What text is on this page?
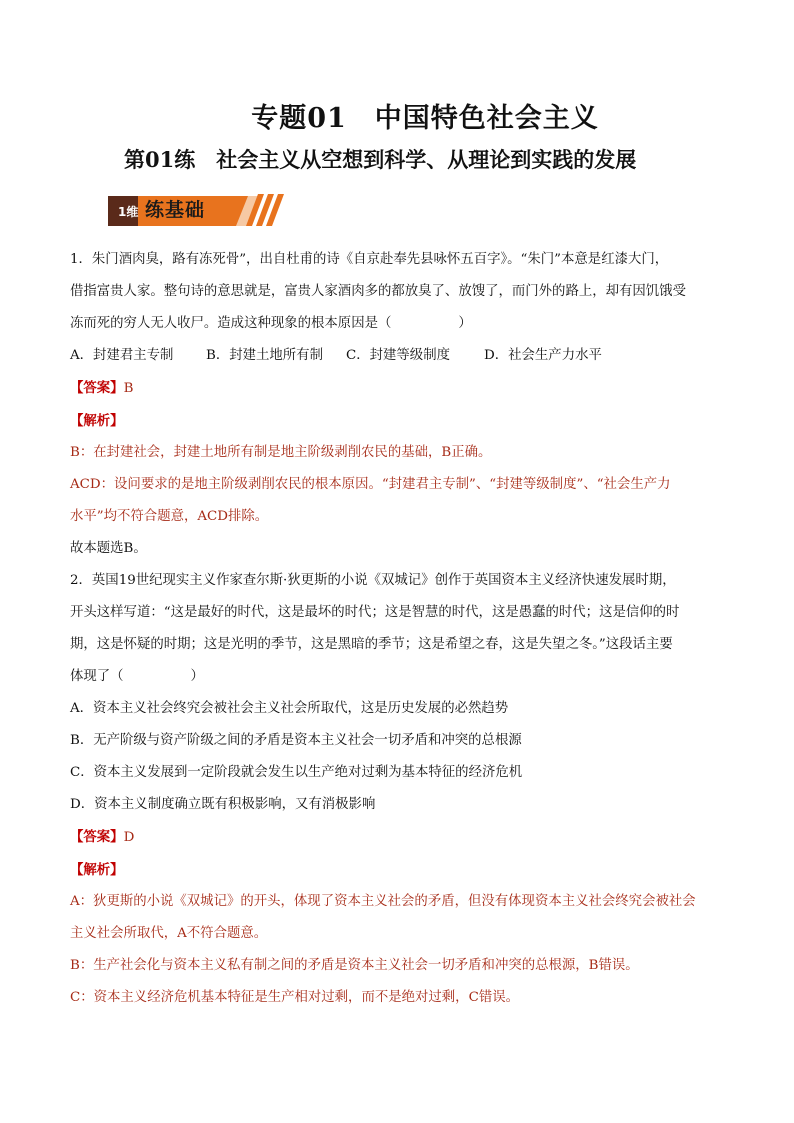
专题01　中国特色社会主义
第01练　社会主义从空想到科学、从理论到实践的发展
1维 练基础

1．朱门酒肉臭，路有冻死骨”，出自杜甫的诗《自京赴奉先县咏怀五百字》。“朱门”本意是红漆大门，

借指富贵人家。整句诗的意思就是，富贵人家酒肉多的都放臭了、放馊了，而门外的路上，却有因饥饿受

冻而死的穷人无人收尸。造成这种现象的根本原因是（　　　　　）

A．封建君主专制 B．封建土地所有制 C．封建等级制度	D．社会生产力水平

【答案】B

【解析】

B：在封建社会，封建土地所有制是地主阶级剥削农民的基础，B正确。

ACD：设问要求的是地主阶级剥削农民的根本原因。“封建君主专制”、“封建等级制度”、“社会生产力

水平”均不符合题意，ACD排除。

故本题选B。

2．英国19世纪现实主义作家查尔斯·狄更斯的小说《双城记》创作于英国资本主义经济快速发展时期，

开头这样写道：“这是最好的时代，这是最坏的时代；这是智慧的时代，这是愚蠢的时代；这是信仰的时

期，这是怀疑的时期；这是光明的季节，这是黑暗的季节；这是希望之春，这是失望之冬。”这段话主要

体现了（　　　　　）

A．资本主义社会终究会被社会主义社会所取代，这是历史发展的必然趋势

B．无产阶级与资产阶级之间的矛盾是资本主义社会一切矛盾和冲突的总根源

C．资本主义发展到一定阶段就会发生以生产绝对过剩为基本特征的经济危机

D．资本主义制度确立既有积极影响，又有消极影响

【答案】D

【解析】

A：狄更斯的小说《双城记》的开头，体现了资本主义社会的矛盾，但没有体现资本主义社会终究会被社会

主义社会所取代，A不符合题意。

B：生产社会化与资本主义私有制之间的矛盾是资本主义社会一切矛盾和冲突的总根源，B错误。

C：资本主义经济危机基本特征是生产相对过剩，而不是绝对过剩，C错误。
